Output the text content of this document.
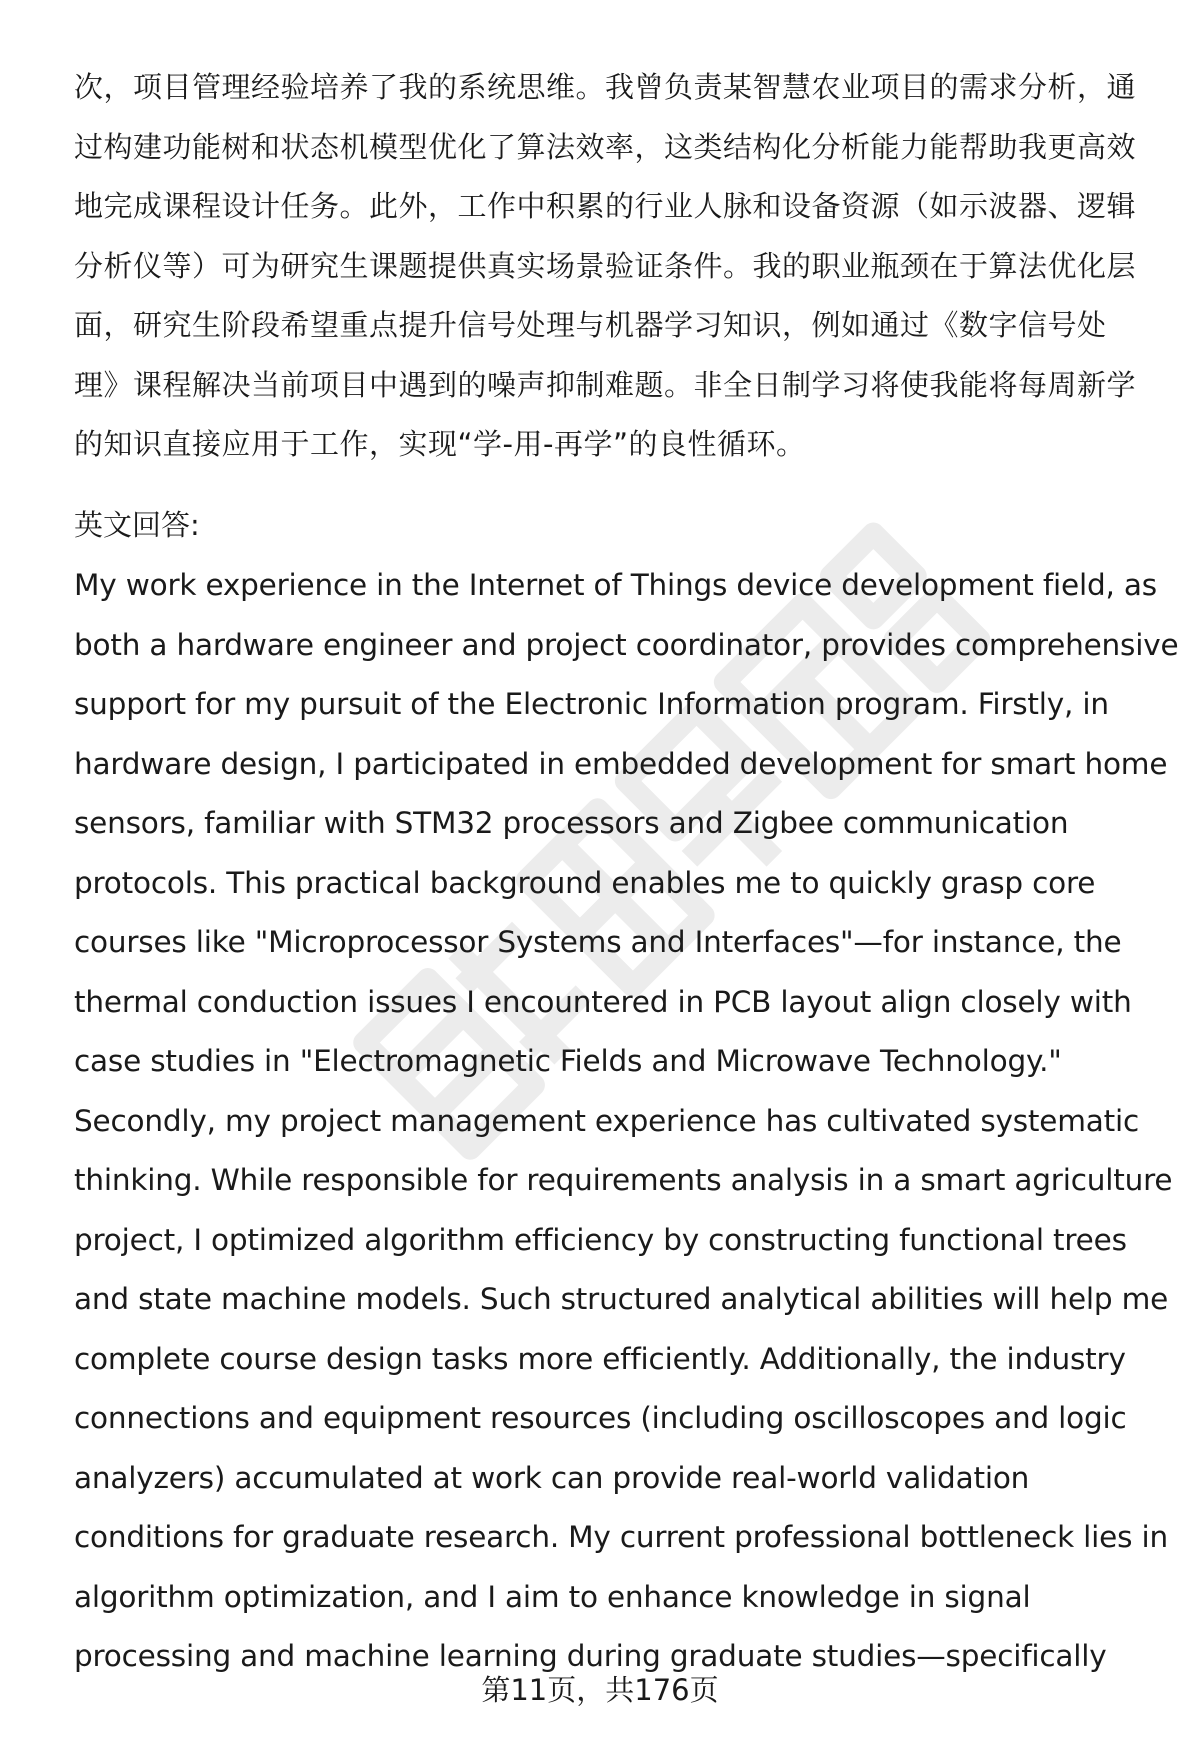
次，项目管理经验培养了我的系统思维。我曾负责某智慧农业项目的需求分析，通
过构建功能树和状态机模型优化了算法效率，这类结构化分析能力能帮助我更高效
地完成课程设计任务。此外，工作中积累的行业人脉和设备资源（如示波器、逻辑
分析仪等）可为研究生课题提供真实场景验证条件。我的职业瓶颈在于算法优化层
面，研究生阶段希望重点提升信号处理与机器学习知识，例如通过《数字信号处
理》课程解决当前项目中遇到的噪声抑制难题。非全日制学习将使我能将每周新学
的知识直接应用于工作，实现“学-用-再学”的良性循环。
英文回答:
My work experience in the Internet of Things device development field, as
both a hardware engineer and project coordinator, provides comprehensive
support for my pursuit of the Electronic Information program. Firstly, in
hardware design, I participated in embedded development for smart home
sensors, familiar with STM32 processors and Zigbee communication
protocols. This practical background enables me to quickly grasp core
courses like "Microprocessor Systems and Interfaces"—for instance, the
thermal conduction issues I encountered in PCB layout align closely with
case studies in "Electromagnetic Fields and Microwave Technology."
Secondly, my project management experience has cultivated systematic
thinking. While responsible for requirements analysis in a smart agriculture
project, I optimized algorithm efficiency by constructing functional trees
and state machine models. Such structured analytical abilities will help me
complete course design tasks more efficiently. Additionally, the industry
connections and equipment resources (including oscilloscopes and logic
analyzers) accumulated at work can provide real-world validation
conditions for graduate research. My current professional bottleneck lies in
algorithm optimization, and I aim to enhance knowledge in signal
processing and machine learning during graduate studies—specifically
第11页，共176页
